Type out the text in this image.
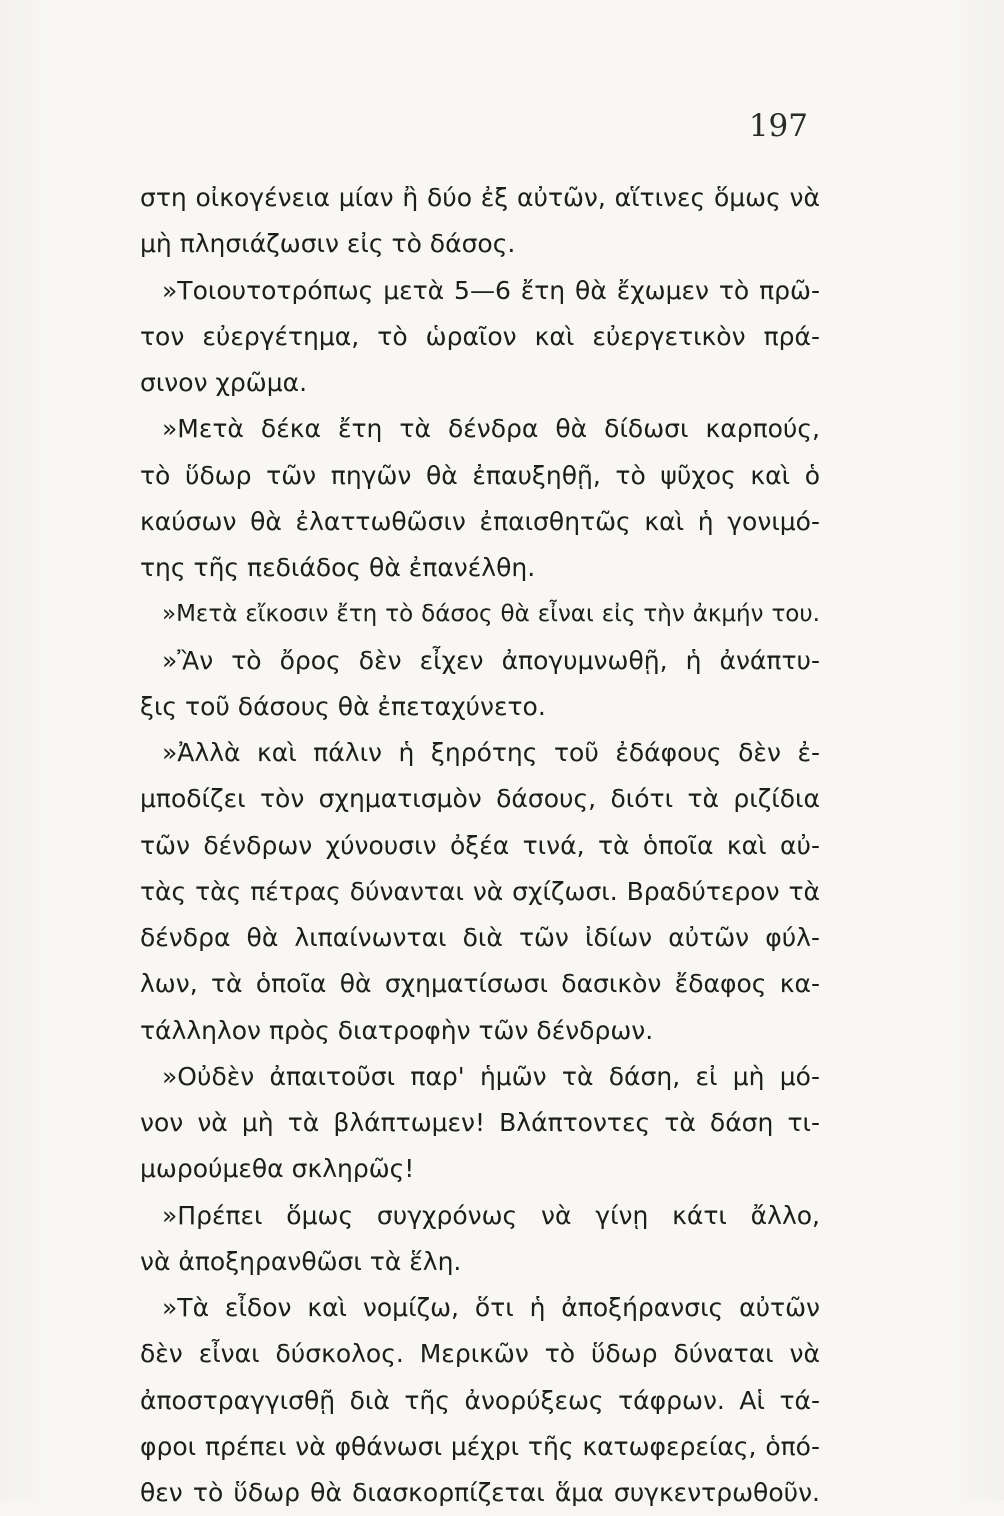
197
στη οἰκογένεια μίαν ἢ δύο ἐξ αὐτῶν, αἵτινες ὅμως νὰ
μὴ πλησιάζωσιν εἰς τὸ δάσος.
»Τοιουτοτρόπως μετὰ 5—6 ἔτη θὰ ἔχωμεν τὸ πρῶ-
τον εὐεργέτημα, τὸ ὡραῖον καὶ εὐεργετικὸν πρά-
σινον χρῶμα.
»Μετὰ δέκα ἔτη τὰ δένδρα θὰ δίδωσι καρπούς,
τὸ ὕδωρ τῶν πηγῶν θὰ ἐπαυξηθῇ, τὸ ψῦχος καὶ ὁ
καύσων θὰ ἐλαττωθῶσιν ἐπαισθητῶς καὶ ἡ γονιμό-
της τῆς πεδιάδος θὰ ἐπανέλθη.
»Μετὰ εἴκοσιν ἔτη τὸ δάσος θὰ εἶναι εἰς τὴν ἀκμήν του.
»Ἂν τὸ ὄρος δὲν εἶχεν ἀπογυμνωθῇ, ἡ ἀνάπτυ-
ξις τοῦ δάσους θὰ ἐπεταχύνετο.
»Ἀλλὰ καὶ πάλιν ἡ ξηρότης τοῦ ἐδάφους δὲν ἐ-
μποδίζει τὸν σχηματισμὸν δάσους, διότι τὰ ριζίδια
τῶν δένδρων χύνουσιν ὀξέα τινά, τὰ ὁποῖα καὶ αὐ-
τὰς τὰς πέτρας δύνανται νὰ σχίζωσι. Βραδύτερον τὰ
δένδρα θὰ λιπαίνωνται διὰ τῶν ἰδίων αὐτῶν φύλ-
λων, τὰ ὁποῖα θὰ σχηματίσωσι δασικὸν ἔδαφος κα-
τάλληλον πρὸς διατροφὴν τῶν δένδρων.
»Οὐδὲν ἀπαιτοῦσι παρ' ἡμῶν τὰ δάση, εἰ μὴ μό-
νον νὰ μὴ τὰ βλάπτωμεν! Βλάπτοντες τὰ δάση τι-
μωρούμεθα σκληρῶς!
»Πρέπει ὅμως συγχρόνως νὰ γίνῃ κάτι ἄλλο,
νὰ ἀποξηρανθῶσι τὰ ἕλη.
»Τὰ εἶδον καὶ νομίζω, ὅτι ἡ ἀποξήρανσις αὐτῶν
δὲν εἶναι δύσκολος. Μερικῶν τὸ ὕδωρ δύναται νὰ
ἀποστραγγισθῇ διὰ τῆς ἀνορύξεως τάφρων. Αἱ τά-
φροι πρέπει νὰ φθάνωσι μέχρι τῆς κατωφερείας, ὁπό-
θεν τὸ ὕδωρ θὰ διασκορπίζεται ἅμα συγκεντρωθοῦν.
